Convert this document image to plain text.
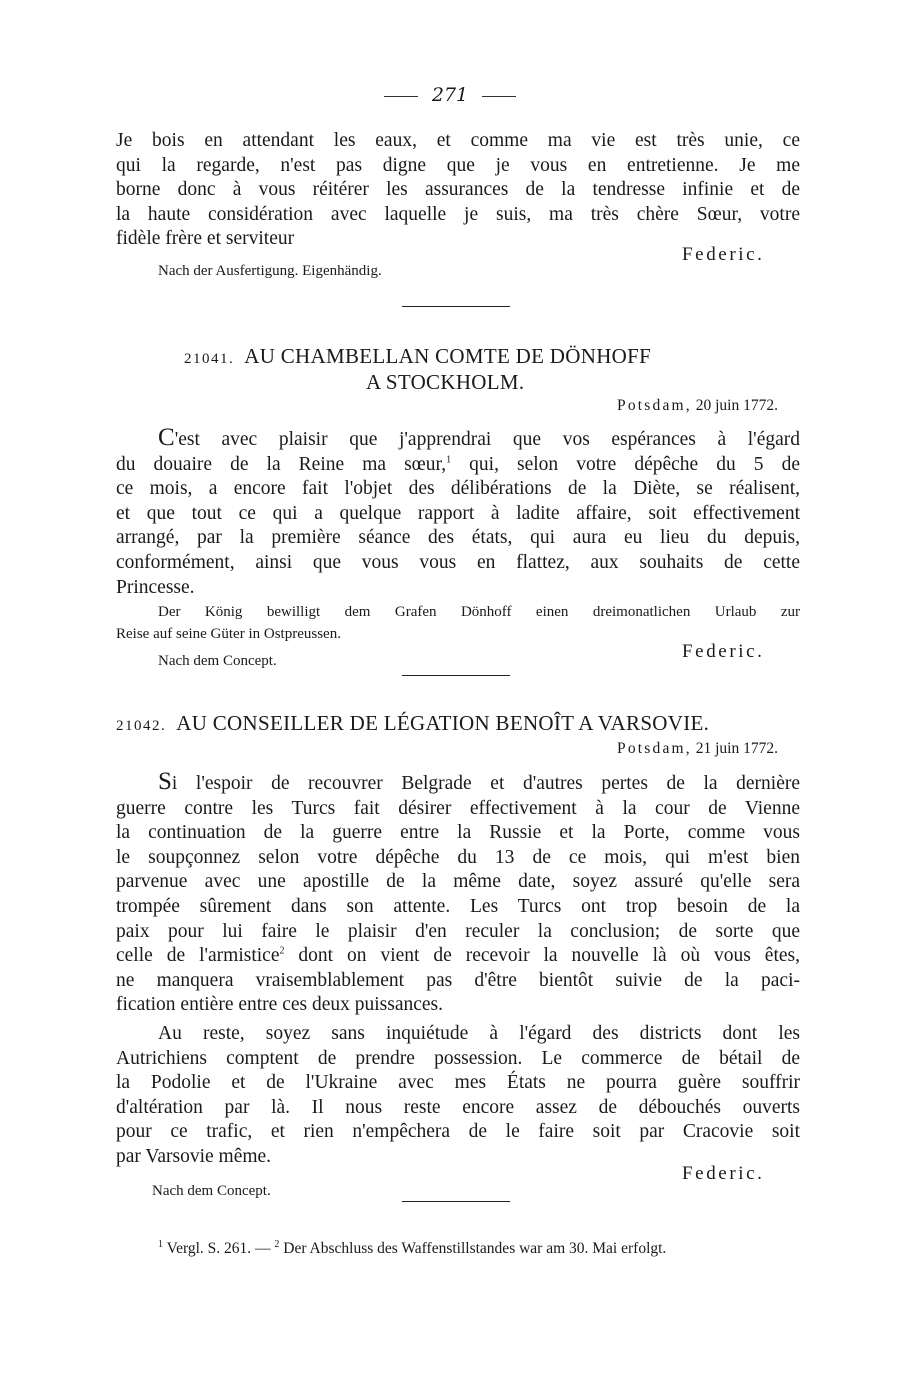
271
Je bois en attendant les eaux, et comme ma vie est très unie, ce
qui la regarde, n'est pas digne que je vous en entretienne. Je me
borne donc à vous réitérer les assurances de la tendresse infinie et de
la haute considération avec laquelle je suis, ma très chère Sœur, votre
fidèle frère et serviteur
Federic.
Nach der Ausfertigung. Eigenhändig.
21041. AU CHAMBELLAN COMTE DE DÖNHOFF
A STOCKHOLM.
Potsdam, 20 juin 1772.
C'est avec plaisir que j'apprendrai que vos espérances à l'égard
du douaire de la Reine ma sœur,$^1$ qui, selon votre dépêche du 5 de
ce mois, a encore fait l'objet des délibérations de la Diète, se réalisent,
et que tout ce qui a quelque rapport à ladite affaire, soit effectivement
arrangé, par la première séance des états, qui aura eu lieu du depuis,
conformément, ainsi que vous vous en flattez, aux souhaits de cette
Princesse.
Der König bewilligt dem Grafen Dönhoff einen dreimonatlichen Urlaub zur
Reise auf seine Güter in Ostpreussen.
Nach dem Concept.	Federic.
21042. AU CONSEILLER DE LÉGATION BENOÎT A VARSOVIE.
Potsdam, 21 juin 1772.
Si l'espoir de recouvrer Belgrade et d'autres pertes de la dernière
guerre contre les Turcs fait désirer effectivement à la cour de Vienne
la continuation de la guerre entre la Russie et la Porte, comme vous
le soupçonnez selon votre dépêche du 13 de ce mois, qui m'est bien
parvenue avec une apostille de la même date, soyez assuré qu'elle sera
trompée sûrement dans son attente. Les Turcs ont trop besoin de la
paix pour lui faire le plaisir d'en reculer la conclusion; de sorte que
celle de l'armistice$^2$ dont on vient de recevoir la nouvelle là où vous êtes,
ne manquera vraisemblablement pas d'être bientôt suivie de la paci-
fication entière entre ces deux puissances.
Au reste, soyez sans inquiétude à l'égard des districts dont les
Autrichiens comptent de prendre possession. Le commerce de bétail de
la Podolie et de l'Ukraine avec mes États ne pourra guère souffrir
d'altération par là. Il nous reste encore assez de débouchés ouverts
pour ce trafic, et rien n'empêchera de le faire soit par Cracovie soit
par Varsovie même.
Federic.
Nach dem Concept.
$^1$ Vergl. S. 261. — $^2$ Der Abschluss des Waffenstillstandes war am 30. Mai erfolgt.
